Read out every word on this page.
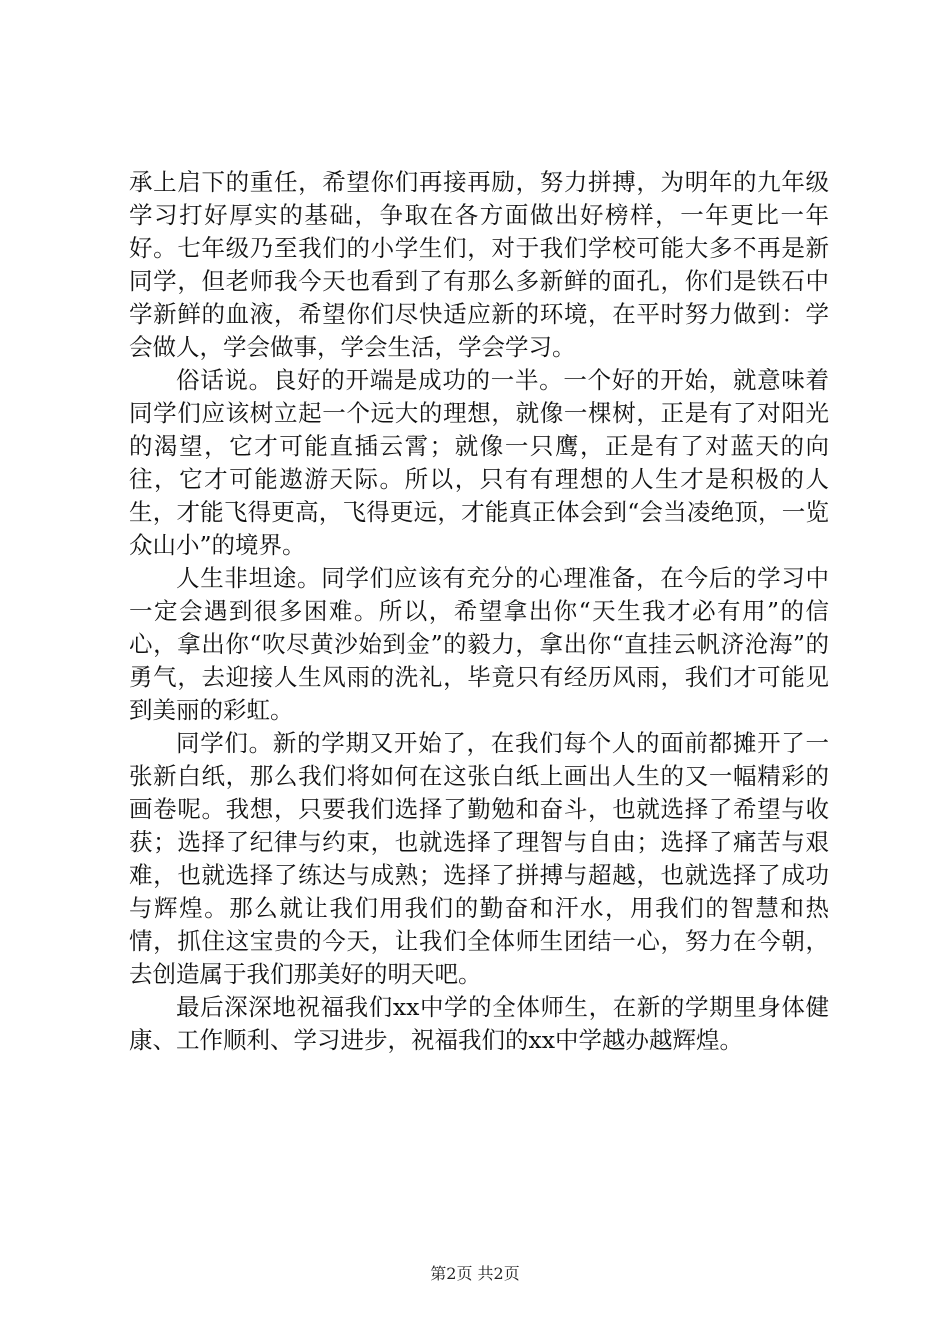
承上启下的重任，希望你们再接再励，努力拼搏，为明年的九年级学习打好厚实的基础，争取在各方面做出好榜样，一年更比一年好。七年级乃至我们的小学生们，对于我们学校可能大多不再是新同学，但老师我今天也看到了有那么多新鲜的面孔，你们是铁石中学新鲜的血液，希望你们尽快适应新的环境，在平时努力做到：学会做人，学会做事，学会生活，学会学习。

俗话说。良好的开端是成功的一半。一个好的开始，就意味着同学们应该树立起一个远大的理想，就像一棵树，正是有了对阳光的渴望，它才可能直插云霄；就像一只鹰，正是有了对蓝天的向往，它才可能遨游天际。所以，只有有理想的人生才是积极的人生，才能飞得更高，飞得更远，才能真正体会到“会当凌绝顶，一览众山小”的境界。

人生非坦途。同学们应该有充分的心理准备，在今后的学习中一定会遇到很多困难。所以，希望拿出你“天生我才必有用”的信心，拿出你“吹尽黄沙始到金”的毅力，拿出你“直挂云帆济沧海”的勇气，去迎接人生风雨的洗礼，毕竟只有经历风雨，我们才可能见到美丽的彩虹。

同学们。新的学期又开始了，在我们每个人的面前都摊开了一张新白纸，那么我们将如何在这张白纸上画出人生的又一幅精彩的画卷呢。我想，只要我们选择了勤勉和奋斗，也就选择了希望与收获；选择了纪律与约束，也就选择了理智与自由；选择了痛苦与艰难，也就选择了练达与成熟；选择了拼搏与超越，也就选择了成功与辉煌。那么就让我们用我们的勤奋和汗水，用我们的智慧和热情，抓住这宝贵的今天，让我们全体师生团结一心，努力在今朝，去创造属于我们那美好的明天吧。

最后深深地祝福我们xx中学的全体师生，在新的学期里身体健康、工作顺利、学习进步，祝福我们的xx中学越办越辉煌。

第2页 共2页
